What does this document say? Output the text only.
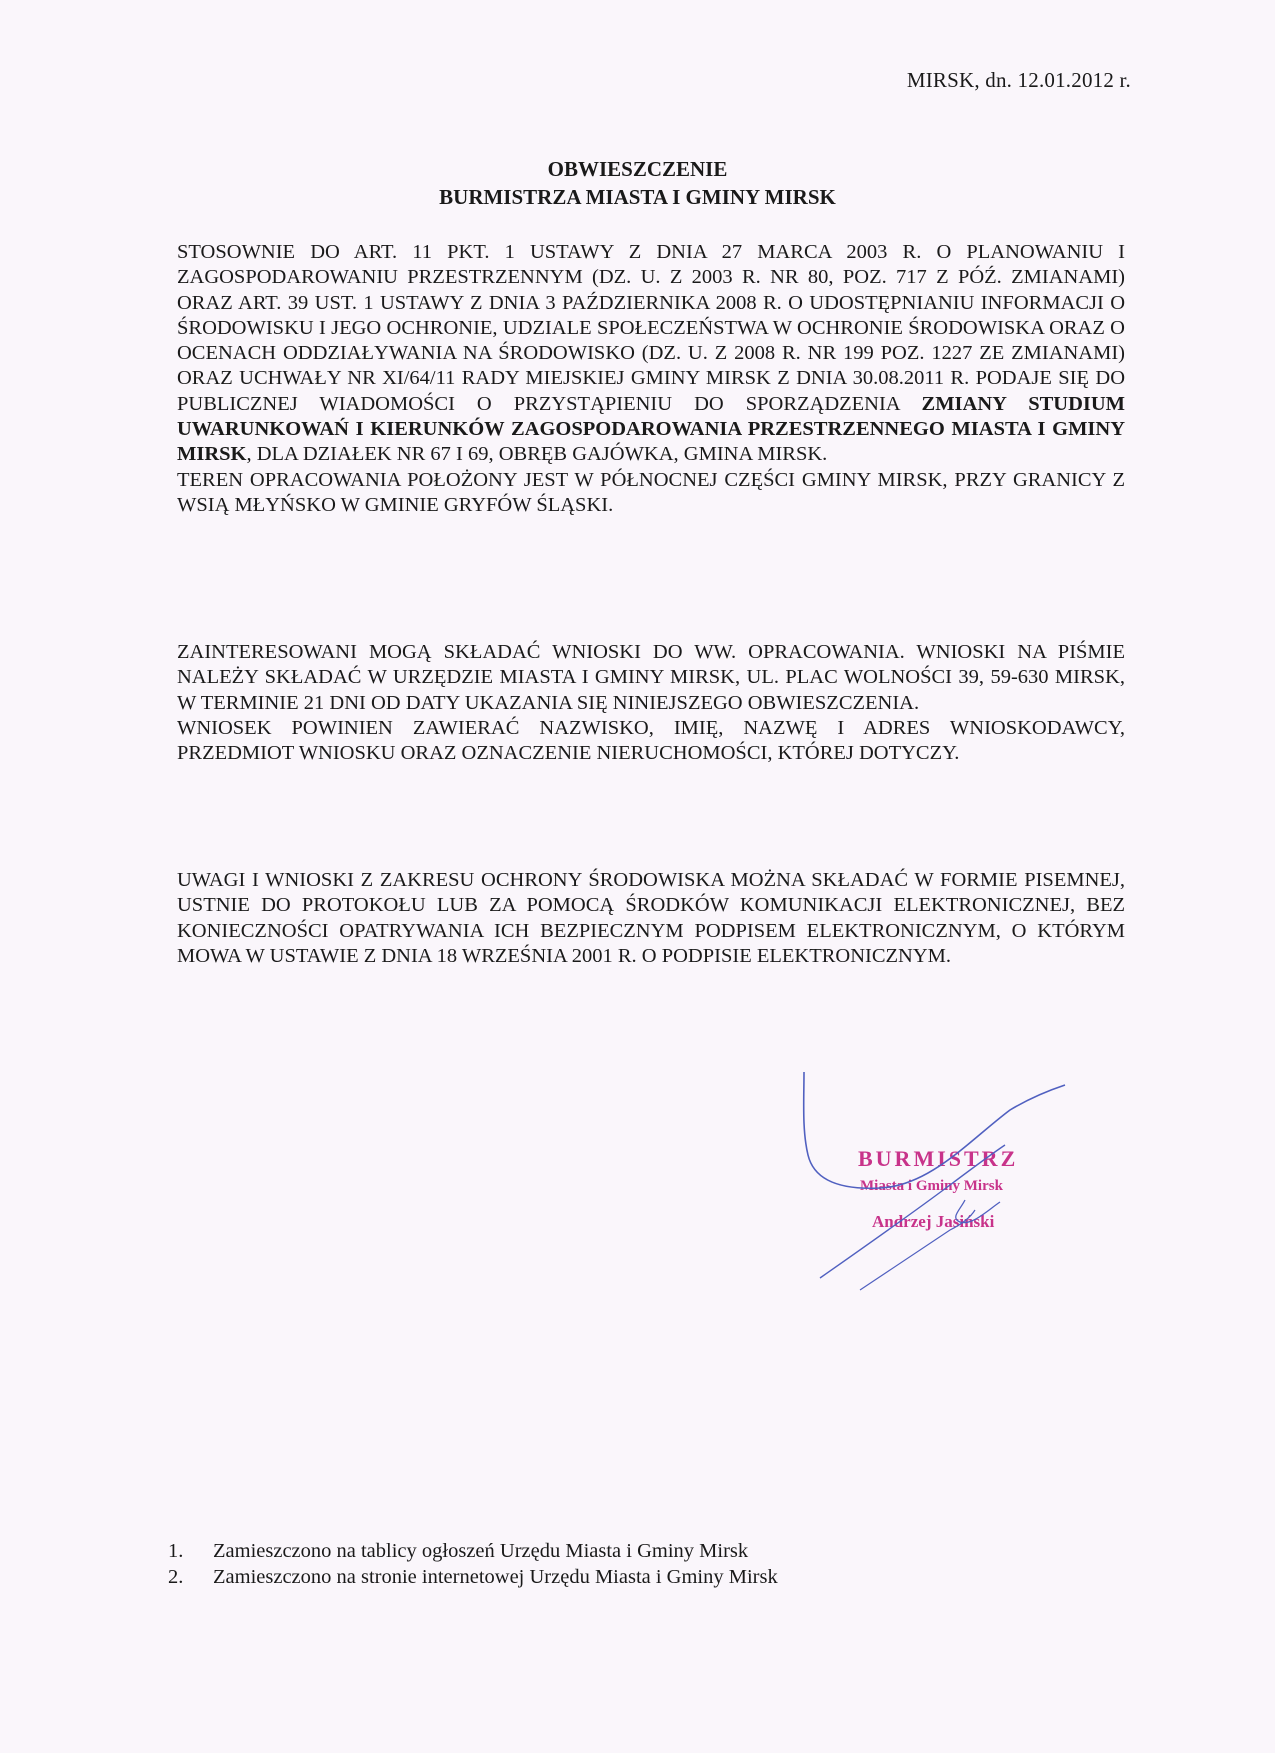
MIRSK, dn. 12.01.2012 r.
OBWIESZCZENIE
BURMISTRZA MIASTA I GMINY MIRSK
STOSOWNIE DO ART. 11 PKT. 1 USTAWY Z DNIA 27 MARCA 2003 R. O PLANOWANIU I ZAGOSPODAROWANIU PRZESTRZENNYM (DZ. U. Z 2003 R. NR 80, POZ. 717 Z PÓŹ. ZMIANAMI) ORAZ ART. 39 UST. 1 USTAWY Z DNIA 3 PAŹDZIERNIKA 2008 R. O UDOSTĘPNIANIU INFORMACJI O ŚRODOWISKU I JEGO OCHRONIE, UDZIALE SPOŁECZEŃSTWA W OCHRONIE ŚRODOWISKA ORAZ O OCENACH ODDZIAŁYWANIA NA ŚRODOWISKO (DZ. U. Z 2008 R. NR 199 POZ. 1227 ZE ZMIANAMI) ORAZ UCHWAŁY NR XI/64/11 RADY MIEJSKIEJ GMINY MIRSK Z DNIA 30.08.2011 R. PODAJE SIĘ DO PUBLICZNEJ WIADOMOŚCI O PRZYSTĄPIENIU DO SPORZĄDZENIA ZMIANY STUDIUM UWARUNKOWAŃ I KIERUNKÓW ZAGOSPODAROWANIA PRZESTRZENNEGO MIASTA I GMINY MIRSK, DLA DZIAŁEK NR 67 I 69, OBRĘB GAJÓWKA, GMINA MIRSK.
TEREN OPRACOWANIA POŁOŻONY JEST W PÓŁNOCNEJ CZĘŚCI GMINY MIRSK, PRZY GRANICY Z WSIĄ MŁYŃSKO W GMINIE GRYFÓW ŚLĄSKI.
ZAINTERESOWANI MOGĄ SKŁADAĆ WNIOSKI DO WW. OPRACOWANIA. WNIOSKI NA PIŚMIE NALEŻY SKŁADAĆ W URZĘDZIE MIASTA I GMINY MIRSK, UL. PLAC WOLNOŚCI 39, 59-630 MIRSK, W TERMINIE 21 DNI OD DATY UKAZANIA SIĘ NINIEJSZEGO OBWIESZCZENIA.
WNIOSEK POWINIEN ZAWIERAĆ NAZWISKO, IMIĘ, NAZWĘ I ADRES WNIOSKODAWCY, PRZEDMIOT WNIOSKU ORAZ OZNACZENIE NIERUCHOMOŚCI, KTÓREJ DOTYCZY.
UWAGI I WNIOSKI Z ZAKRESU OCHRONY ŚRODOWISKA MOŻNA SKŁADAĆ W FORMIE PISEMNEJ, USTNIE DO PROTOKOŁU LUB ZA POMOCĄ ŚRODKÓW KOMUNIKACJI ELEKTRONICZNEJ, BEZ KONIECZNOŚCI OPATRYWANIA ICH BEZPIECZNYM PODPISEM ELEKTRONICZNYM, O KTÓRYM MOWA W USTAWIE Z DNIA 18 WRZEŚNIA 2001 R. O PODPISIE ELEKTRONICZNYM.
BURMISTRZ
Miasta i Gminy Mirsk
Andrzej Jasiński
1.	Zamieszczono na tablicy ogłoszeń Urzędu Miasta i Gminy Mirsk
2.	Zamieszczono na stronie internetowej Urzędu Miasta i Gminy Mirsk
